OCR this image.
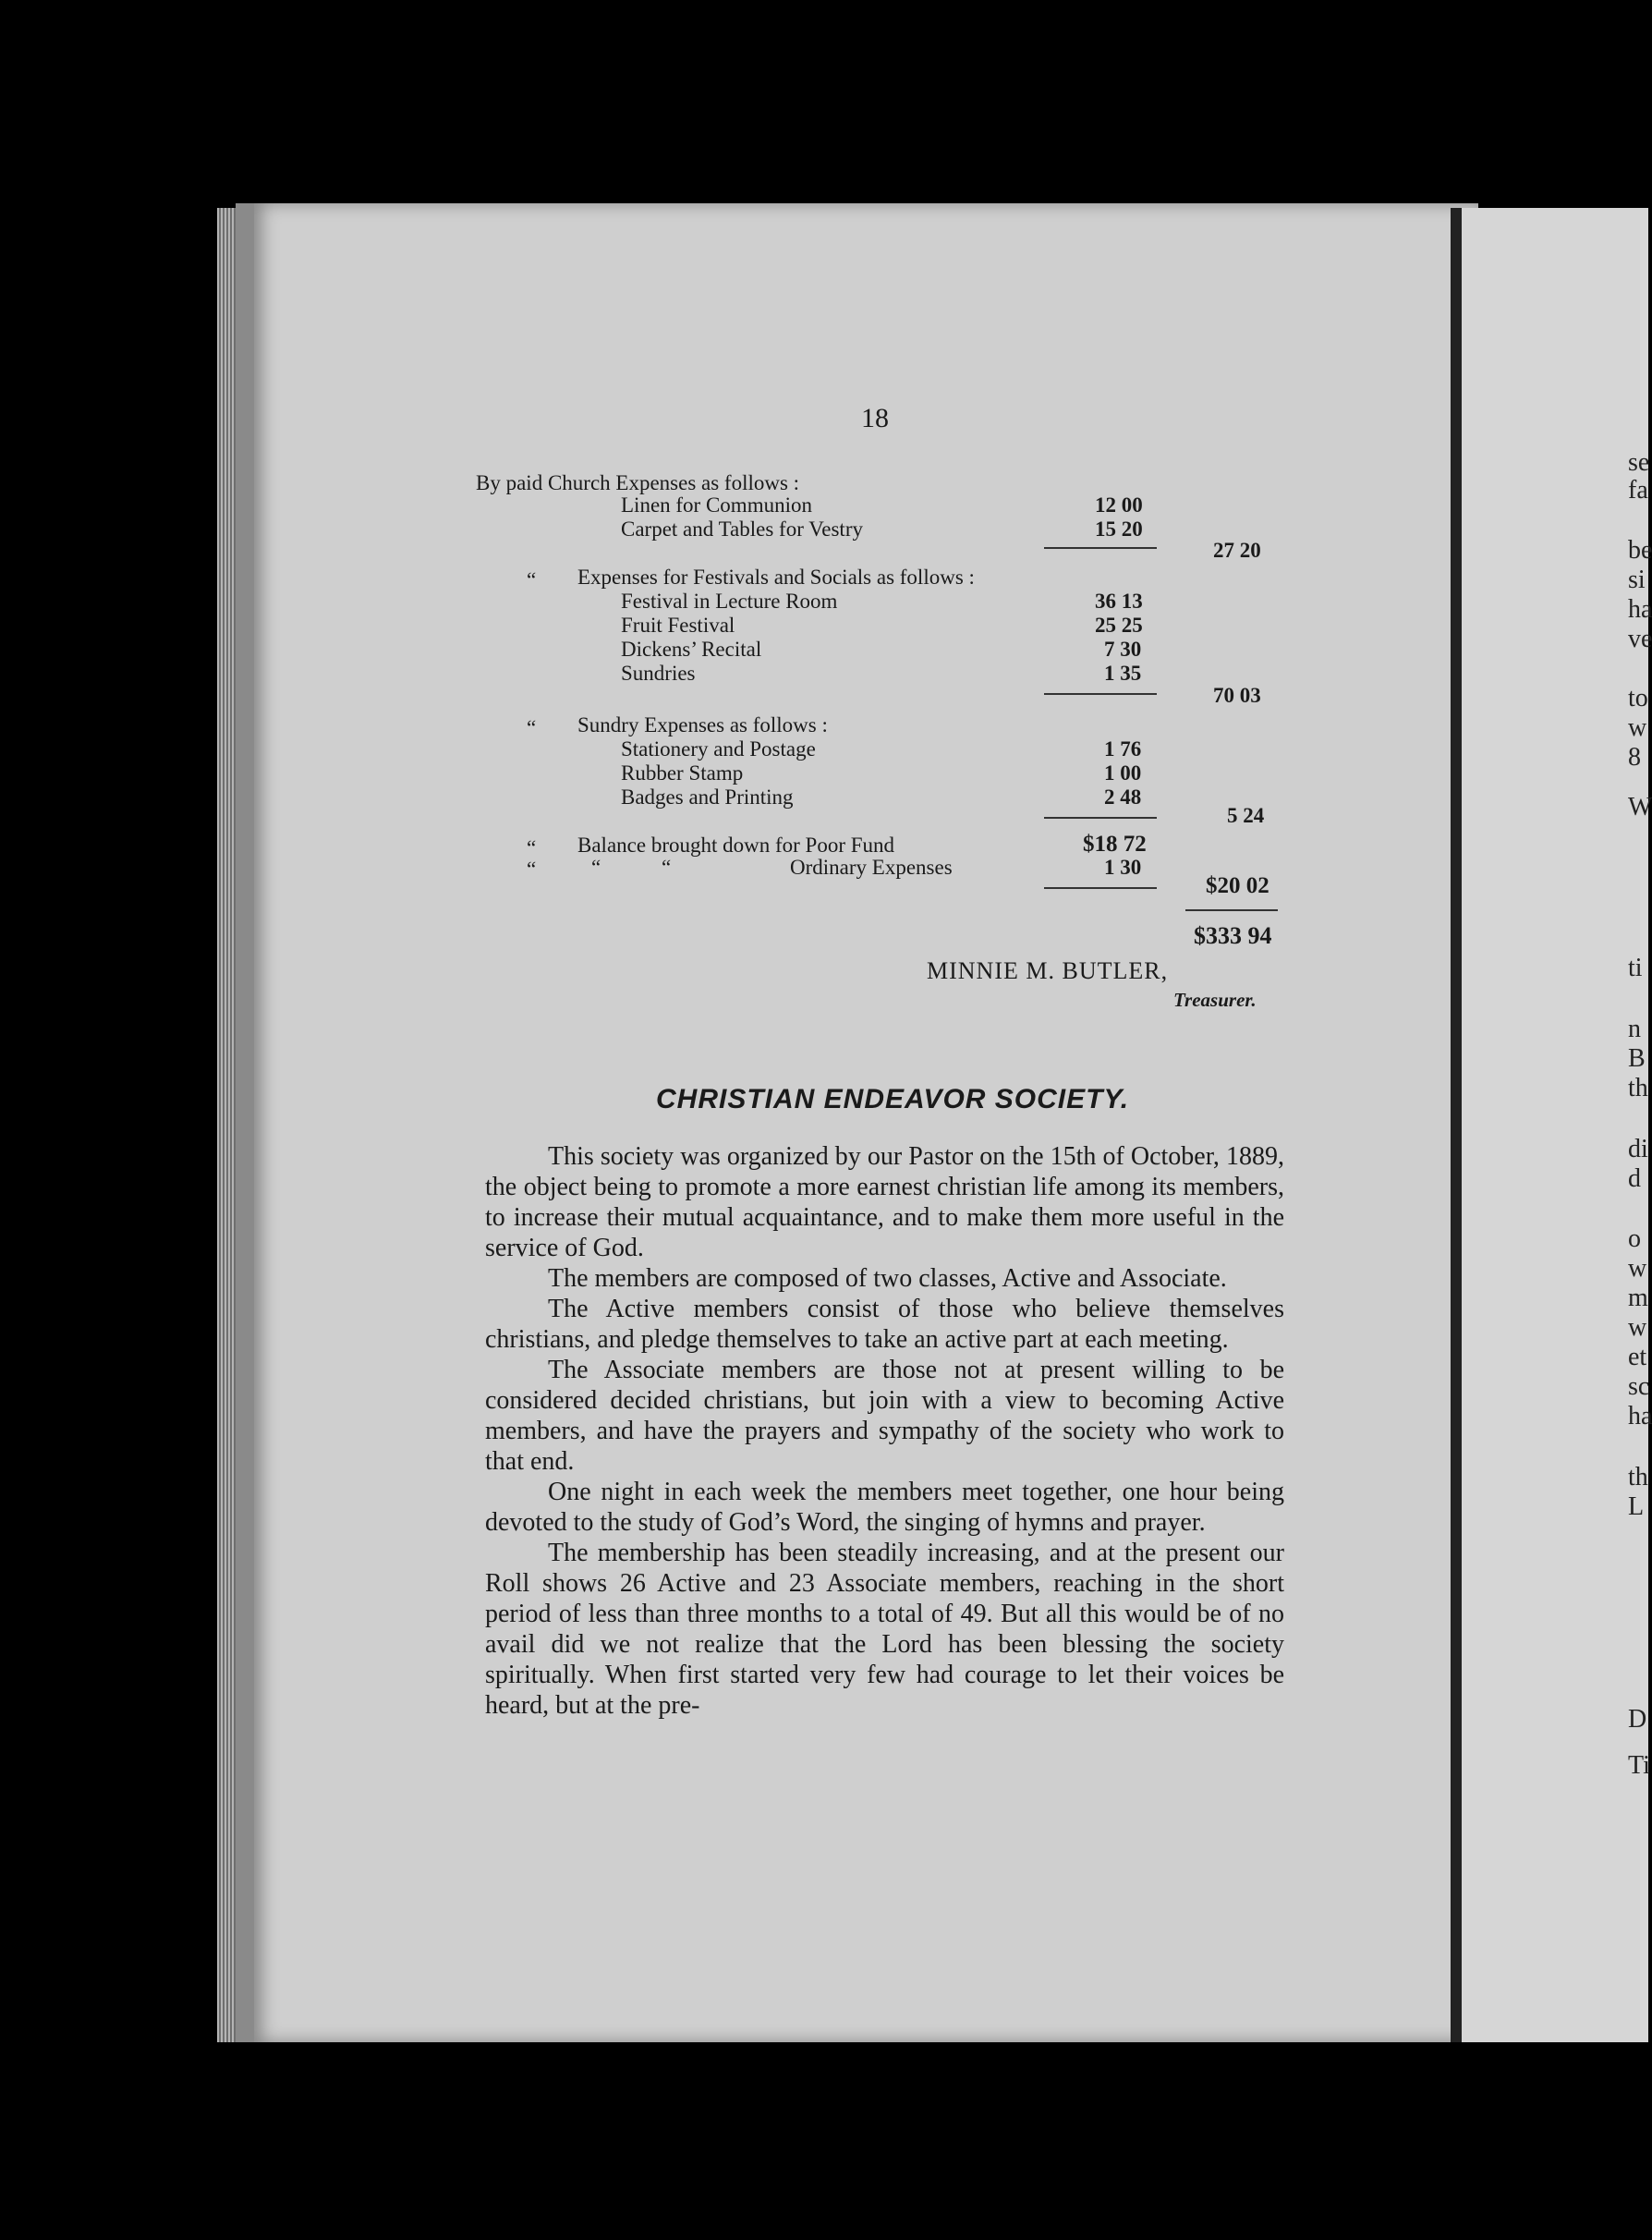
18
By paid Church Expenses as follows :
Linen for Communion	12 00
Carpet and Tables for Vestry	15 20
27 20
“ Expenses for Festivals and Socials as follows :
Festival in Lecture Room	36 13
Fruit Festival	25 25
Dickens’ Recital	7 30
Sundries	1 35
70 03
“ Sundry Expenses as follows :
Stationery and Postage	1 76
Rubber Stamp	1 00
Badges and Printing	2 48
5 24
“ Balance brought down for Poor Fund	$18 72
“	“ “	Ordinary Expenses	1 30
$20 02
$333 94
MINNIE M. BUTLER,
Treasurer.
CHRISTIAN ENDEAVOR SOCIETY.

This society was organized by our Pastor on the 15th of October, 1889, the object being to promote a more earnest christian life among its members, to increase their mutual acquaintance, and to make them more useful in the service of God.

The members are composed of two classes, Active and Associate.

The Active members consist of those who believe themselves christians, and pledge themselves to take an active part at each meeting.

The Associate members are those not at present willing to be considered decided christians, but join with a view to becoming Active members, and have the prayers and sympathy of the society who work to that end.

One night in each week the members meet together, one hour being devoted to the study of God’s Word, the singing of hymns and prayer.

The membership has been steadily increasing, and at the present our Roll shows 26 Active and 23 Associate members, reaching in the short period of less than three months to a total of 49. But all this would be of no avail did we not realize that the Lord has been blessing the society spiritually. When first started very few had courage to let their voices be heard, but at the pre-

se
fa
be
si
ha
ve
to
w
8
W
ti
n
B
th
di
d
o
w
m
w
et
sc
ha
th
L
D
Ti
